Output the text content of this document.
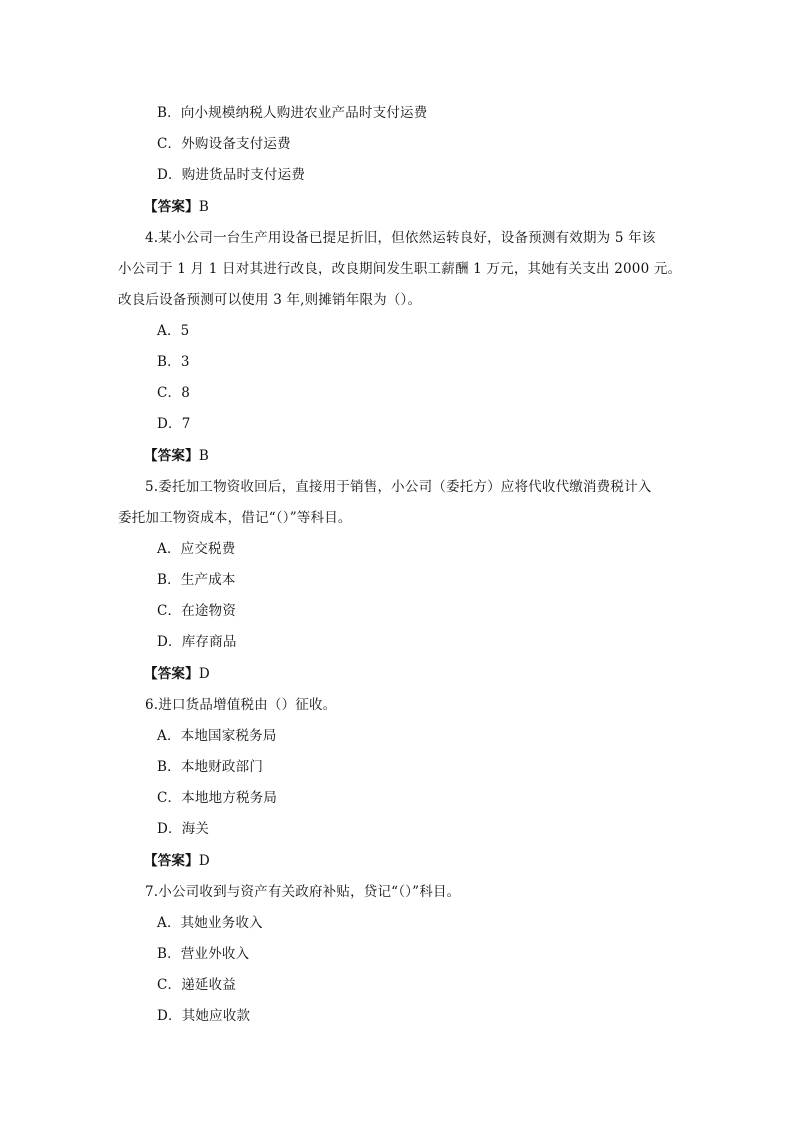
B．向小规模纳税人购进农业产品时支付运费
C．外购设备支付运费
D．购进货品时支付运费
【答案】B
4.某小公司一台生产用设备已提足折旧，但依然运转良好，设备预测有效期为 5 年该
小公司于 1 月 1 日对其进行改良，改良期间发生职工薪酬 1 万元，其她有关支出 2000 元。
改良后设备预测可以使用 3 年,则摊销年限为（）。
A．5
B．3
C．8
D．7
【答案】B
5.委托加工物资收回后，直接用于销售，小公司（委托方）应将代收代缴消费税计入
委托加工物资成本，借记“（）”等科目。
A．应交税费
B．生产成本
C．在途物资
D．库存商品
【答案】D
6.进口货品增值税由（）征收。
A．本地国家税务局
B．本地财政部门
C．本地地方税务局
D．海关
【答案】D
7.小公司收到与资产有关政府补贴，贷记“（）”科目。
A．其她业务收入
B．营业外收入
C．递延收益
D．其她应收款
